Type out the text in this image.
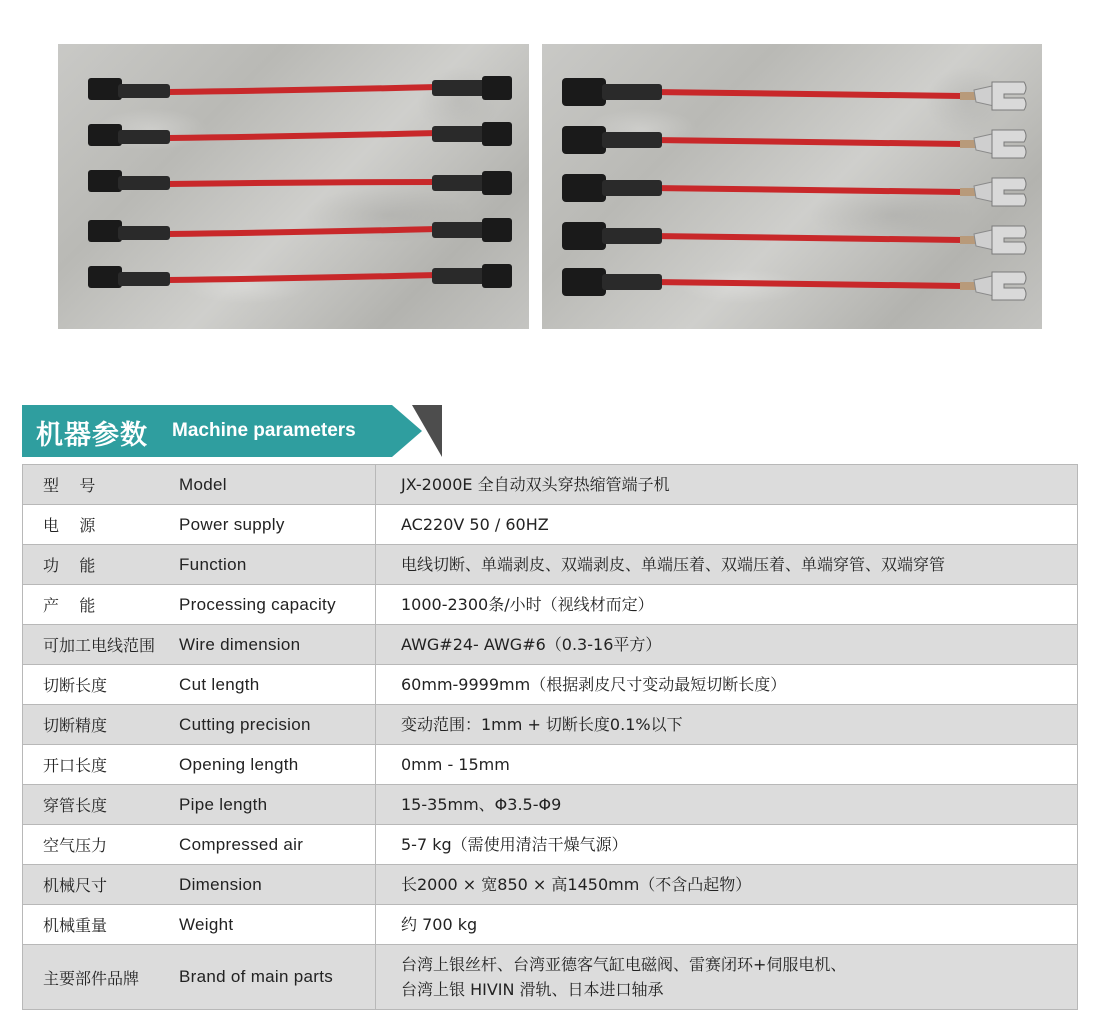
机器参数 Machine parameters
型    号 Model	JX-2000E 全自动双头穿热缩管端子机

电    源 Power supply	AC220V 50 / 60HZ

功    能 Function	电线切断、单端剥皮、双端剥皮、单端压着、双端压着、单端穿管、双端穿管

产    能 Processing capacity	1000-2300条/小时（视线材而定）

可加工电线范围 Wire dimension	AWG#24- AWG#6（0.3-16平方）

切断长度 Cut length	60mm-9999mm（根据剥皮尺寸变动最短切断长度）

切断精度 Cutting precision	变动范围：1mm + 切断长度0.1%以下

开口长度 Opening length	0mm - 15mm

穿管长度 Pipe length	15-35mm、Φ3.5-Φ9

空气压力 Compressed air	5-7 kg（需使用清洁干燥气源）

机械尺寸 Dimension	长2000 × 宽850 × 高1450mm（不含凸起物）

机械重量 Weight	约 700 kg

主要部件品牌 Brand of main parts	台湾上银丝杆、台湾亚德客气缸电磁阀、雷赛闭环+伺服电机、
台湾上银 HIVIN 滑轨、日本进口轴承
